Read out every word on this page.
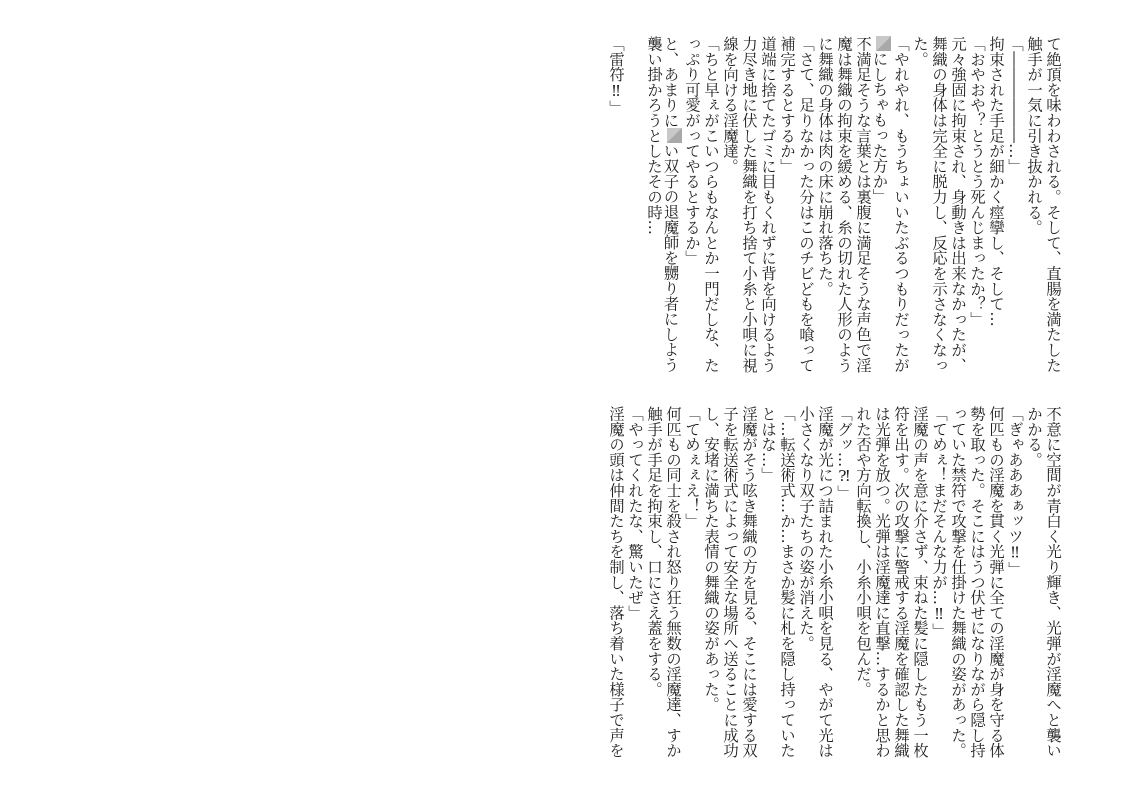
て絶頂を味わわされる。そして、直腸を満たした
触手が一気に引き抜かれる。
「――――――…」
拘束された手足が細かく痙攣し、そして…
「おやおや？とうとう死んじまったか？」
元々強固に拘束され、身動きは出来なかったが、
舞織の身体は完全に脱力し、反応を示さなくなっ
た。
「やれやれ、もうちょいいたぶるつもりだったが
にしちゃもった方か」
不満足そうな言葉とは裏腹に満足そうな声色で淫
魔は舞織の拘束を緩める、糸の切れた人形のよう
に舞織の身体は肉の床に崩れ落ちた。
「さて、足りなかった分はこのチビどもを喰って
補完するとするか」
道端に捨てたゴミに目もくれずに背を向けるよう
力尽き地に伏した舞織を打ち捨て小糸と小唄に視
線を向ける淫魔達。
「ちと早ぇがこいつらもなんとか一門だしな、た
っぷり可愛がってやるとするか」
と、あまりにい双子の退魔師を嬲り者にしよう
襲い掛かろうとしたその時…
「雷符‼」
不意に空間が青白く光り輝き、光弾が淫魔へと襲い
かかる。
「ぎゃあああぁッツ‼」
何匹もの淫魔を貫く光弾に全ての淫魔が身を守る体
勢を取った。そこにはうつ伏せになりながら隠し持
っていた禁符で攻撃を仕掛けた舞織の姿があった。
「てめぇ！まだそんな力が…‼」
淫魔の声を意に介さず、束ねた髪に隠したもう一枚
符を出す。次の攻撃に警戒する淫魔を確認した舞織
は光弾を放つ。光弾は淫魔達に直撃…するかと思わ
れた否や方向転換し、小糸小唄を包んだ。
「グッ…⁈」
淫魔が光につ詰まれた小糸小唄を見る、やがて光は
小さくなり双子たちの姿が消えた。
「…転送術式…か…まさか髪に札を隠し持っていた
とはな…」
淫魔がそう呟き舞織の方を見る、そこには愛する双
子を転送術式によって安全な場所へ送ることに成功
し、安堵に満ちた表情の舞織の姿があった。
「てめぇぇえ！」
何匹もの同士を殺され怒り狂う無数の淫魔達、すか
触手が手足を拘束し、口にさえ蓋をする。
「やってくれたな、驚いたぜ」
淫魔の頭は仲間たちを制し、落ち着いた様子で声を
